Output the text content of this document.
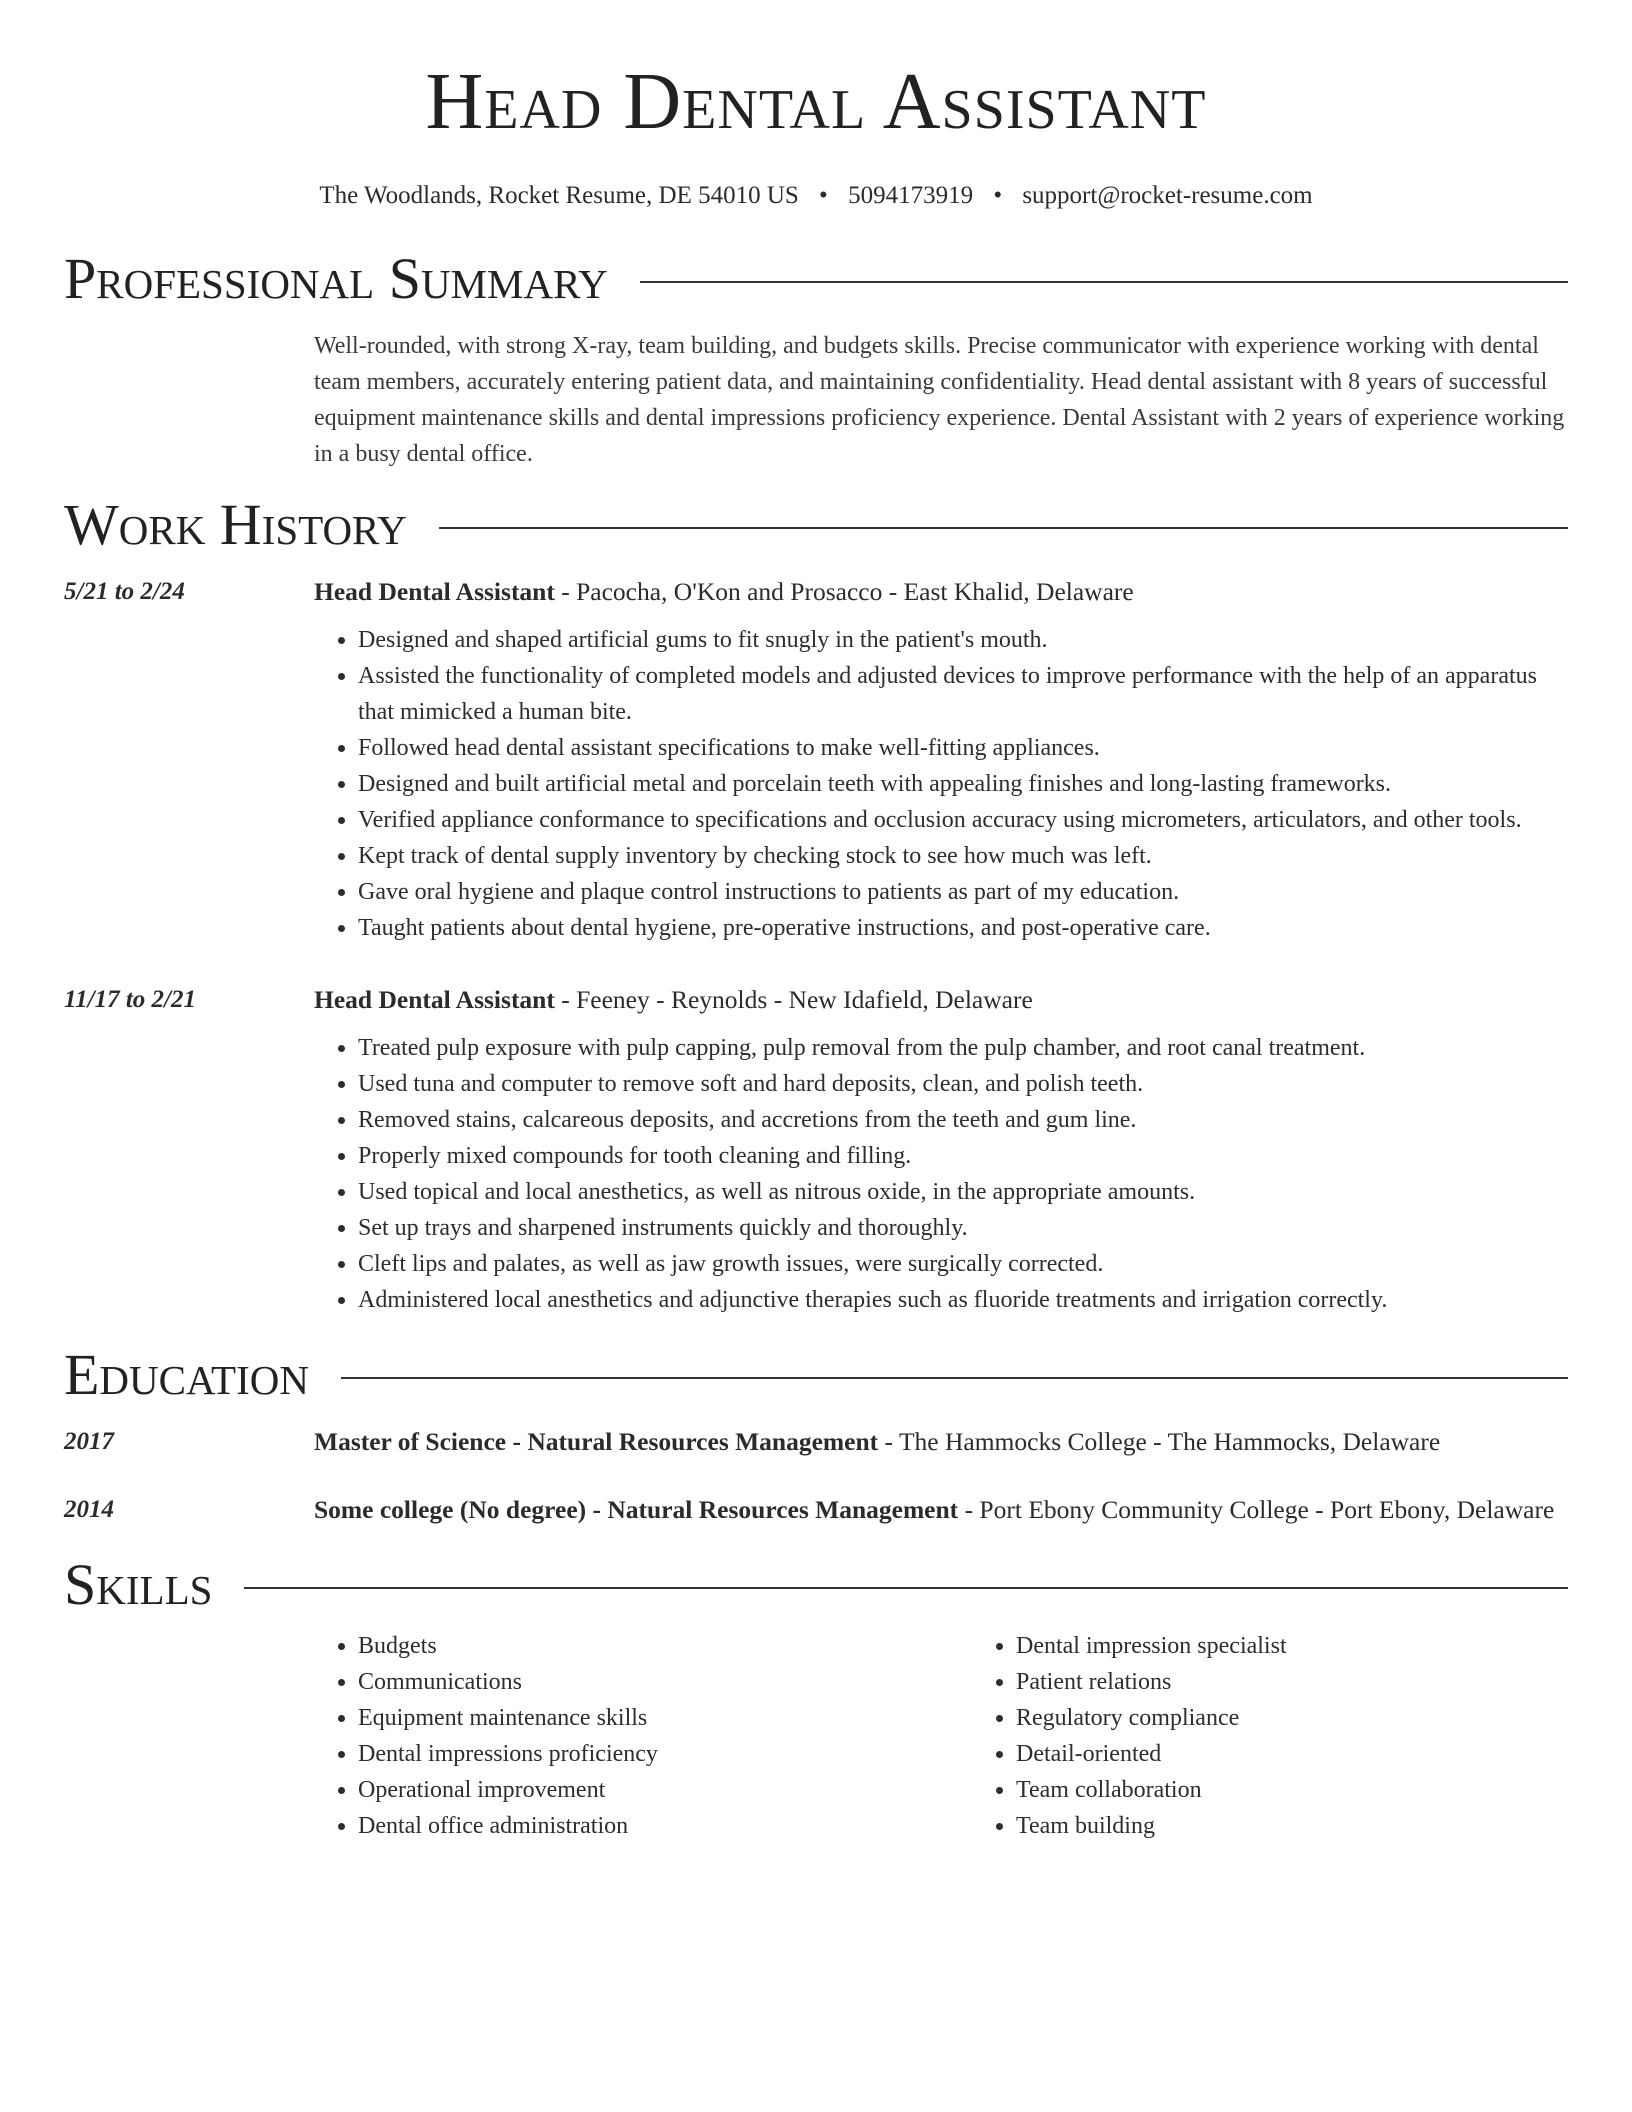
Head Dental Assistant
The Woodlands, Rocket Resume, DE 54010 US • 5094173919 • support@rocket-resume.com
Professional Summary
Well-rounded, with strong X-ray, team building, and budgets skills. Precise communicator with experience working with dental team members, accurately entering patient data, and maintaining confidentiality. Head dental assistant with 8 years of successful equipment maintenance skills and dental impressions proficiency experience. Dental Assistant with 2 years of experience working in a busy dental office.
Work History
5/21 to 2/24	Head Dental Assistant - Pacocha, O'Kon and Prosacco - East Khalid, Delaware
• Designed and shaped artificial gums to fit snugly in the patient's mouth.
• Assisted the functionality of completed models and adjusted devices to improve performance with the help of an apparatus that mimicked a human bite.
• Followed head dental assistant specifications to make well-fitting appliances.
• Designed and built artificial metal and porcelain teeth with appealing finishes and long-lasting frameworks.
• Verified appliance conformance to specifications and occlusion accuracy using micrometers, articulators, and other tools.
• Kept track of dental supply inventory by checking stock to see how much was left.
• Gave oral hygiene and plaque control instructions to patients as part of my education.
• Taught patients about dental hygiene, pre-operative instructions, and post-operative care.
11/17 to 2/21	Head Dental Assistant - Feeney - Reynolds - New Idafield, Delaware
• Treated pulp exposure with pulp capping, pulp removal from the pulp chamber, and root canal treatment.
• Used tuna and computer to remove soft and hard deposits, clean, and polish teeth.
• Removed stains, calcareous deposits, and accretions from the teeth and gum line.
• Properly mixed compounds for tooth cleaning and filling.
• Used topical and local anesthetics, as well as nitrous oxide, in the appropriate amounts.
• Set up trays and sharpened instruments quickly and thoroughly.
• Cleft lips and palates, as well as jaw growth issues, were surgically corrected.
• Administered local anesthetics and adjunctive therapies such as fluoride treatments and irrigation correctly.
Education
2017	Master of Science - Natural Resources Management - The Hammocks College - The Hammocks, Delaware
2014	Some college (No degree) - Natural Resources Management - Port Ebony Community College - Port Ebony, Delaware
Skills
• Budgets
• Communications
• Equipment maintenance skills
• Dental impressions proficiency
• Operational improvement
• Dental office administration
• Dental impression specialist
• Patient relations
• Regulatory compliance
• Detail-oriented
• Team collaboration
• Team building
